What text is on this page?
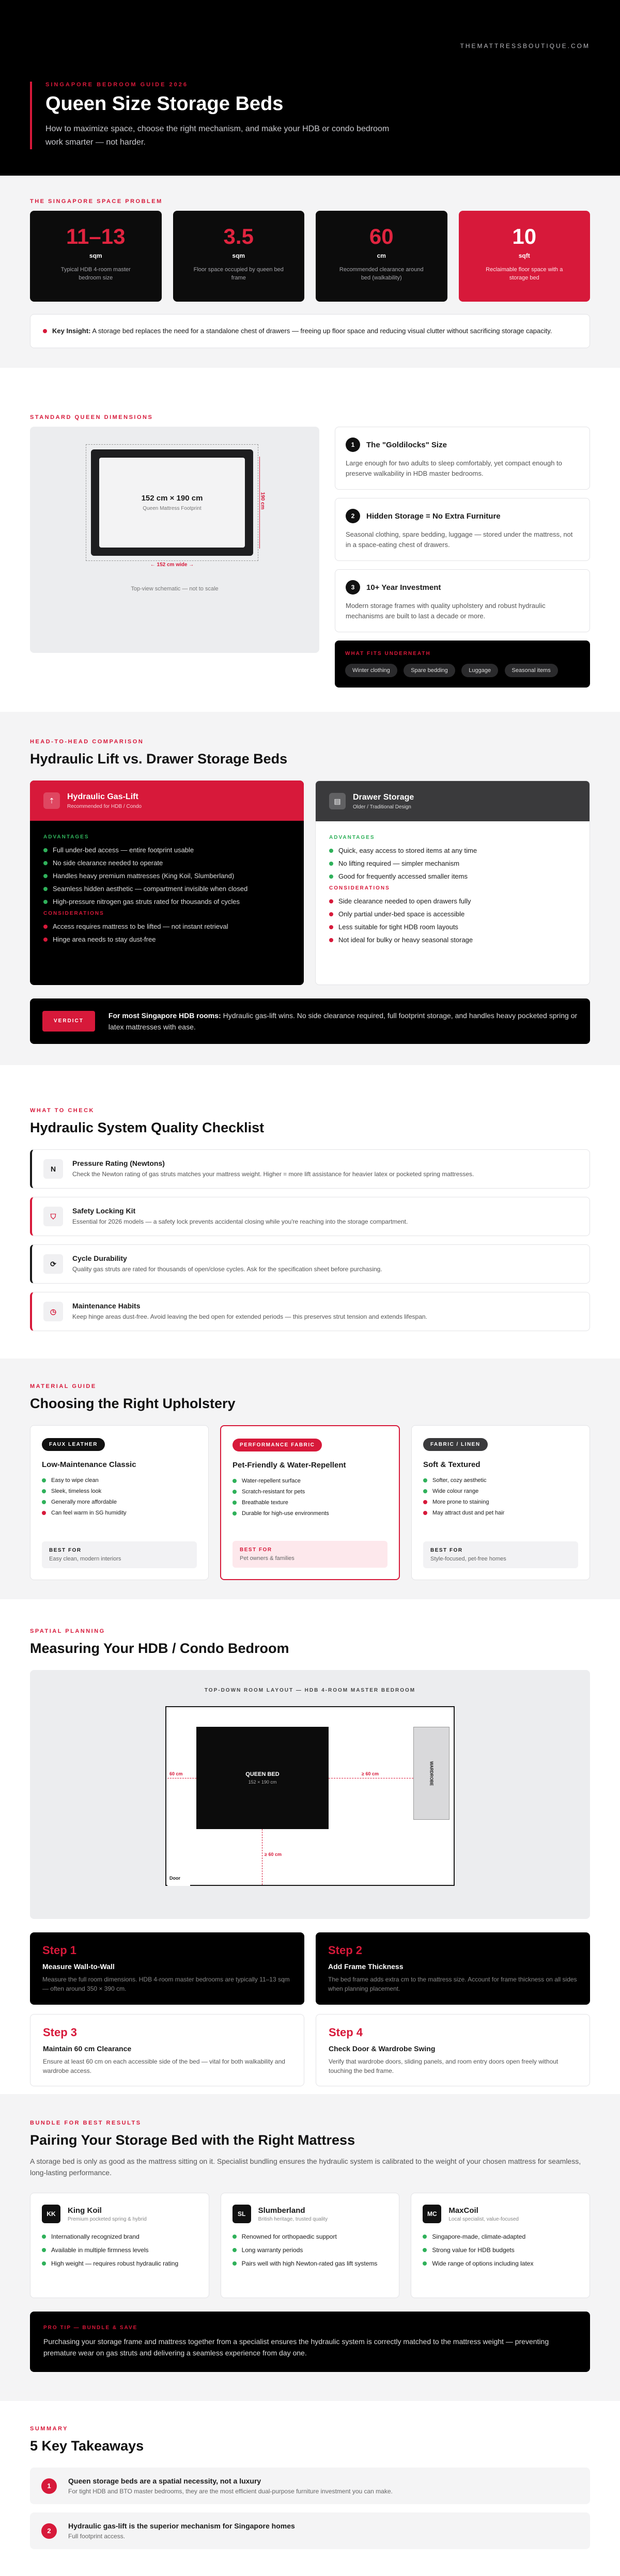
THEMATTRESSBOUTIQUE.COM
SINGAPORE BEDROOM GUIDE 2026
Queen Size Storage Beds

How to maximize space, choose the right mechanism, and make your HDB or condo bedroom work smarter — not harder.

THE SINGAPORE SPACE PROBLEM
11–13
sqm
Typical HDB 4-room master bedroom size
3.5
sqm
Floor space occupied by queen bed frame
60
cm
Recommended clearance around bed (walkability)
10
sqft
Reclaimable floor space with a storage bed

Key Insight: A storage bed replaces the need for a standalone chest of drawers — freeing up floor space and reducing visual clutter without sacrificing storage capacity.

STANDARD QUEEN DIMENSIONS
152 cm × 190 cm
Queen Mattress Footprint
← 152 cm wide →
190 cm
Top-view schematic — not to scale
1	The "Goldilocks" Size
Large enough for two adults to sleep comfortably, yet compact enough to preserve walkability in HDB master bedrooms.
2	Hidden Storage = No Extra Furniture
Seasonal clothing, spare bedding, luggage — stored under the mattress, not in a space-eating chest of drawers.
3	10+ Year Investment
Modern storage frames with quality upholstery and robust hydraulic mechanisms are built to last a decade or more.
WHAT FITS UNDERNEATH
Winter clothing	Spare bedding	Luggage	Seasonal items
HEAD-TO-HEAD COMPARISON
Hydraulic Lift vs. Drawer Storage Beds
⇡	Hydraulic Gas-Lift
Recommended for HDB / Condo
ADVANTAGES
Full under-bed access — entire footprint usable
No side clearance needed to operate
Handles heavy premium mattresses (King Koil, Slumberland)
Seamless hidden aesthetic — compartment invisible when closed
High-pressure nitrogen gas struts rated for thousands of cycles
CONSIDERATIONS
Access requires mattress to be lifted — not instant retrieval
Hinge area needs to stay dust-free
▤	Drawer Storage
Older / Traditional Design
ADVANTAGES
Quick, easy access to stored items at any time
No lifting required — simpler mechanism
Good for frequently accessed smaller items
CONSIDERATIONS
Side clearance needed to open drawers fully
Only partial under-bed space is accessible
Less suitable for tight HDB room layouts
Not ideal for bulky or heavy seasonal storage
VERDICT

For most Singapore HDB rooms: Hydraulic gas-lift wins. No side clearance required, full footprint storage, and handles heavy pocketed spring or latex mattresses with ease.

WHAT TO CHECK
Hydraulic System Quality Checklist
N
Pressure Rating (Newtons)
Check the Newton rating of gas struts matches your mattress weight. Higher = more lift assistance for heavier latex or pocketed spring mattresses.
⛉
Safety Locking Kit
Essential for 2026 models — a safety lock prevents accidental closing while you're reaching into the storage compartment.
⟳
Cycle Durability
Quality gas struts are rated for thousands of open/close cycles. Ask for the specification sheet before purchasing.
◷
Maintenance Habits
Keep hinge areas dust-free. Avoid leaving the bed open for extended periods — this preserves strut tension and extends lifespan.
MATERIAL GUIDE
Choosing the Right Upholstery
FAUX LEATHER
Low-Maintenance Classic
Easy to wipe clean
Sleek, timeless look
Generally more affordable
Can feel warm in SG humidity
BEST FOR
Easy clean, modern interiors
PERFORMANCE FABRIC
Pet-Friendly & Water-Repellent
Water-repellent surface
Scratch-resistant for pets
Breathable texture
Durable for high-use environments
BEST FOR
Pet owners & families
FABRIC / LINEN
Soft & Textured
Softer, cozy aesthetic
Wide colour range
More prone to staining
May attract dust and pet hair
BEST FOR
Style-focused, pet-free homes
SPATIAL PLANNING
Measuring Your HDB / Condo Bedroom
TOP-DOWN ROOM LAYOUT — HDB 4-ROOM MASTER BEDROOM
QUEEN BED
152 × 190 cm	WARDROBE
60 cm	≥ 60 cm
≥ 60 cm
Door
Step 1
Measure Wall-to-Wall
Measure the full room dimensions. HDB 4-room master bedrooms are typically 11–13 sqm — often around 350 × 390 cm.
Step 2
Add Frame Thickness
The bed frame adds extra cm to the mattress size. Account for frame thickness on all sides when planning placement.
Step 3
Maintain 60 cm Clearance
Ensure at least 60 cm on each accessible side of the bed — vital for both walkability and wardrobe access.
Step 4
Check Door & Wardrobe Swing
Verify that wardrobe doors, sliding panels, and room entry doors open freely without touching the bed frame.
BUNDLE FOR BEST RESULTS
Pairing Your Storage Bed with the Right Mattress

A storage bed is only as good as the mattress sitting on it. Specialist bundling ensures the hydraulic system is calibrated to the weight of your chosen mattress for seamless, long-lasting performance.

KK	King Koil
Premium pocketed spring & hybrid
Internationally recognized brand
Available in multiple firmness levels
High weight — requires robust hydraulic rating
SL	Slumberland
British heritage, trusted quality
Renowned for orthopaedic support
Long warranty periods
Pairs well with high Newton-rated gas lift systems
MC	MaxCoil
Local specialist, value-focused
Singapore-made, climate-adapted
Strong value for HDB budgets
Wide range of options including latex
PRO TIP — BUNDLE & SAVE
Purchasing your storage frame and mattress together from a specialist ensures the hydraulic system is correctly matched to the mattress weight — preventing premature wear on gas struts and delivering a seamless experience from day one.
SUMMARY
5 Key Takeaways
1
Queen storage beds are a spatial necessity, not a luxury
For tight HDB and BTO master bedrooms, they are the most efficient dual-purpose furniture investment you can make.
2
Hydraulic gas-lift is the superior mechanism for Singapore homes
Full footprint access.
